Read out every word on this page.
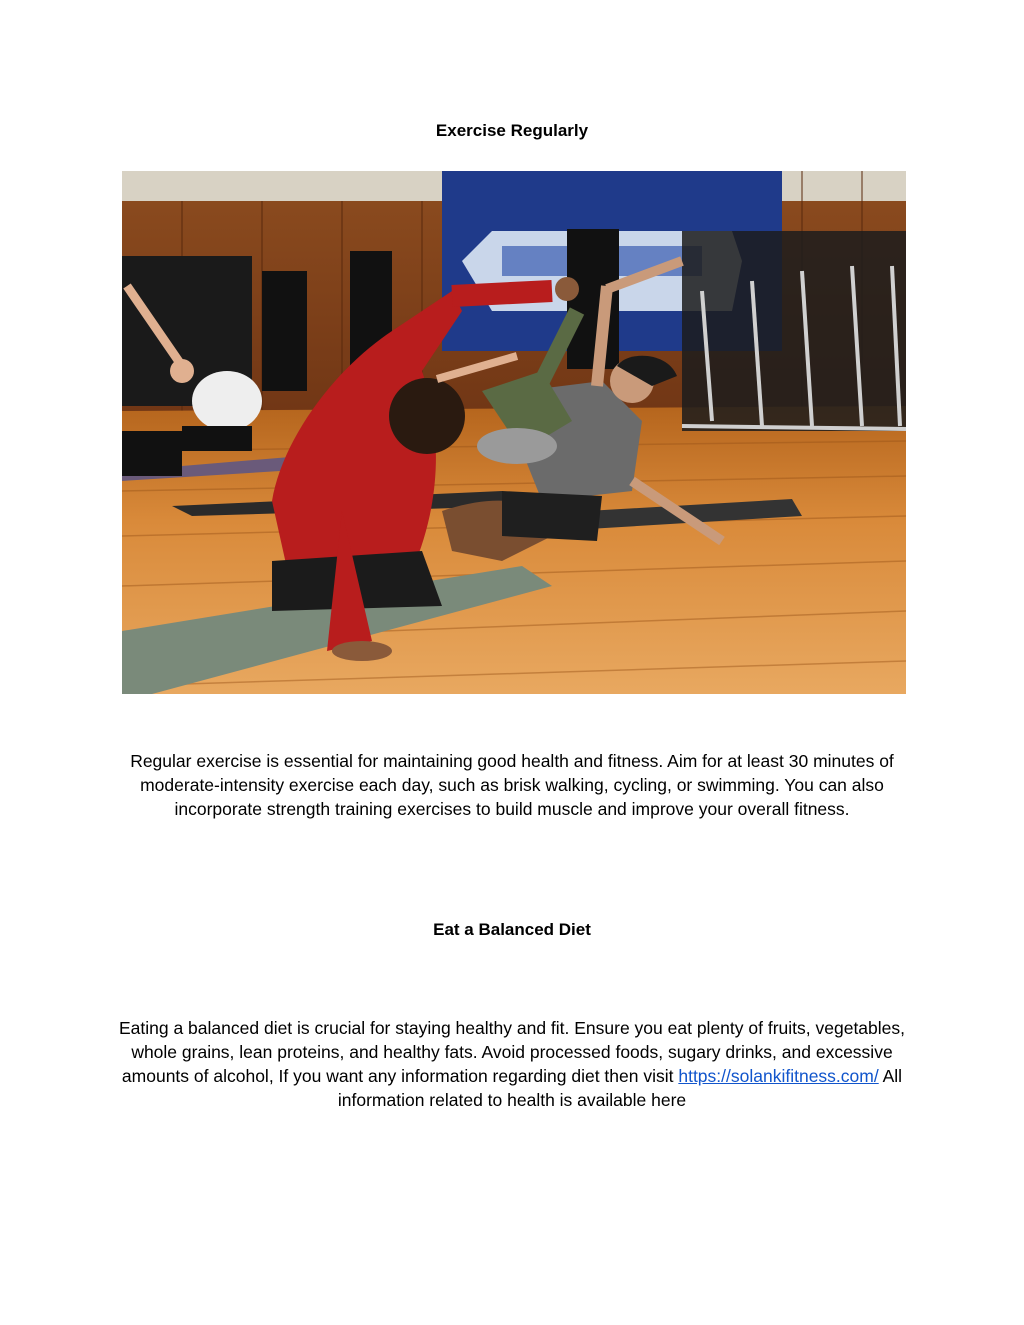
Exercise Regularly

Regular exercise is essential for maintaining good health and fitness. Aim for at least 30 minutes of moderate-intensity exercise each day, such as brisk walking, cycling, or swimming. You can also incorporate strength training exercises to build muscle and improve your overall fitness.

Eat a Balanced Diet

Eating a balanced diet is crucial for staying healthy and fit. Ensure you eat plenty of fruits, vegetables, whole grains, lean proteins, and healthy fats. Avoid processed foods, sugary drinks, and excessive amounts of alcohol, If you want any information regarding diet then visit https://solankifitness.com/ All information related to health is available here
